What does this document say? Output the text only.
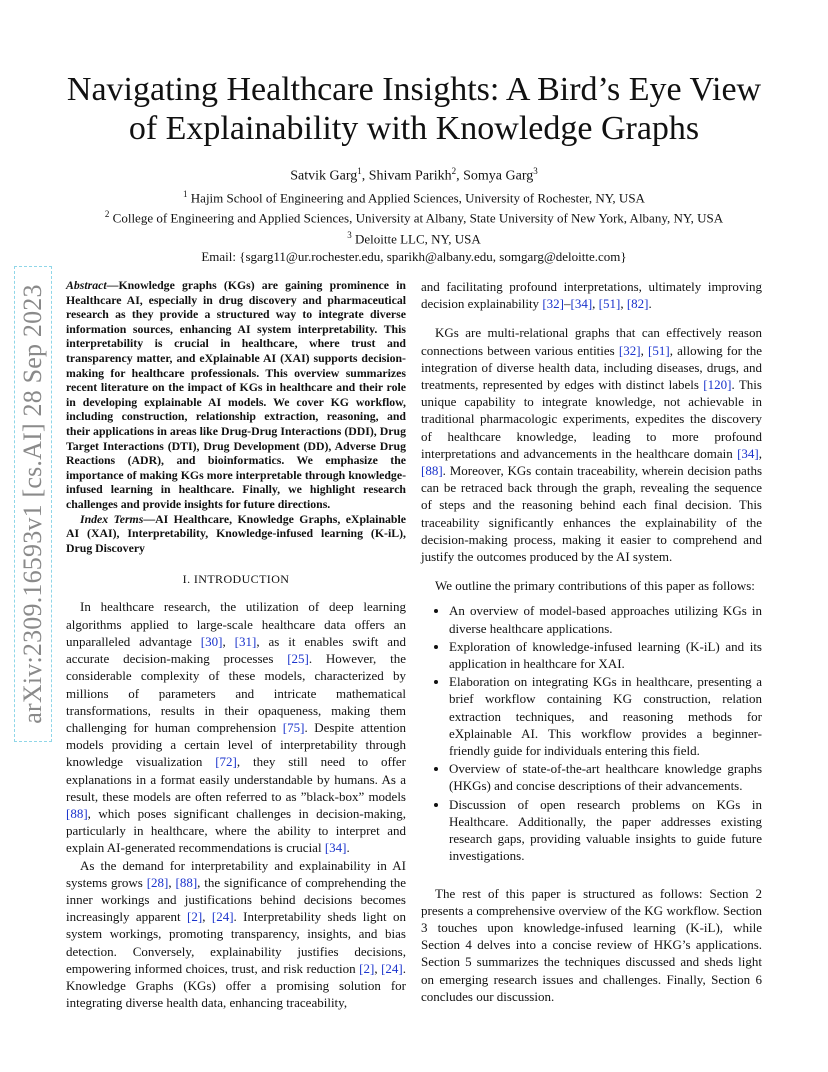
arXiv:2309.16593v1 [cs.AI] 28 Sep 2023
Navigating Healthcare Insights: A Bird’s Eye View
of Explainability with Knowledge Graphs
Satvik Garg$^1$, Shivam Parikh$^2$, Somya Garg$^3$
$^1$ Hajim School of Engineering and Applied Sciences, University of Rochester, NY, USA
$^2$ College of Engineering and Applied Sciences, University at Albany, State University of New York, Albany, NY, USA
$^3$ Deloitte LLC, NY, USA
Email: {sgarg11@ur.rochester.edu, sparikh@albany.edu, somgarg@deloitte.com}

Abstract—Knowledge graphs (KGs) are gaining prominence in Healthcare AI, especially in drug discovery and pharmaceutical research as they provide a structured way to integrate diverse information sources, enhancing AI system interpretability. This interpretability is crucial in healthcare, where trust and transparency matter, and eXplainable AI (XAI) supports decision-making for healthcare professionals. This overview summarizes recent literature on the impact of KGs in healthcare and their role in developing explainable AI models. We cover KG workflow, including construction, relationship extraction, reasoning, and their applications in areas like Drug-Drug Interactions (DDI), Drug Target Interactions (DTI), Drug Development (DD), Adverse Drug Reactions (ADR), and bioinformatics. We emphasize the importance of making KGs more interpretable through knowledge-infused learning in healthcare. Finally, we highlight research challenges and provide insights for future directions.

Index Terms—AI Healthcare, Knowledge Graphs, eXplainable AI (XAI), Interpretability, Knowledge-infused learning (K-iL), Drug Discovery

I. INTRODUCTION

In healthcare research, the utilization of deep learning algorithms applied to large-scale healthcare data offers an unparalleled advantage [30], [31], as it enables swift and accurate decision-making processes [25]. However, the considerable complexity of these models, characterized by millions of parameters and intricate mathematical transformations, results in their opaqueness, making them challenging for human comprehension [75]. Despite attention models providing a certain level of interpretability through knowledge visualization [72], they still need to offer explanations in a format easily understandable by humans. As a result, these models are often referred to as ”black-box” models [88], which poses significant challenges in decision-making, particularly in healthcare, where the ability to interpret and explain AI-generated recommendations is crucial [34].

As the demand for interpretability and explainability in AI systems grows [28], [88], the significance of comprehending the inner workings and justifications behind decisions becomes increasingly apparent [2], [24]. Interpretability sheds light on system workings, promoting transparency, insights, and bias detection. Conversely, explainability justifies decisions, empowering informed choices, trust, and risk reduction [2], [24]. Knowledge Graphs (KGs) offer a promising solution for integrating diverse health data, enhancing traceability,

and facilitating profound interpretations, ultimately improving decision explainability [32]–[34], [51], [82].

KGs are multi-relational graphs that can effectively reason connections between various entities [32], [51], allowing for the integration of diverse health data, including diseases, drugs, and treatments, represented by edges with distinct labels [120]. This unique capability to integrate knowledge, not achievable in traditional pharmacologic experiments, expedites the discovery of healthcare knowledge, leading to more profound interpretations and advancements in the healthcare domain [34], [88]. Moreover, KGs contain traceability, wherein decision paths can be retraced back through the graph, revealing the sequence of steps and the reasoning behind each final decision. This traceability significantly enhances the explainability of the decision-making process, making it easier to comprehend and justify the outcomes produced by the AI system.

We outline the primary contributions of this paper as follows:

• An overview of model-based approaches utilizing KGs in diverse healthcare applications.
• Exploration of knowledge-infused learning (K-iL) and its application in healthcare for XAI.
• Elaboration on integrating KGs in healthcare, presenting a brief workflow containing KG construction, relation extraction techniques, and reasoning methods for eXplainable AI. This workflow provides a beginner-friendly guide for individuals entering this field.
• Overview of state-of-the-art healthcare knowledge graphs (HKGs) and concise descriptions of their advancements.
• Discussion of open research problems on KGs in Healthcare. Additionally, the paper addresses existing research gaps, providing valuable insights to guide future investigations.

The rest of this paper is structured as follows: Section 2 presents a comprehensive overview of the KG workflow. Section 3 touches upon knowledge-infused learning (K-iL), while Section 4 delves into a concise review of HKG’s applications. Section 5 summarizes the techniques discussed and sheds light on emerging research issues and challenges. Finally, Section 6 concludes our discussion.
